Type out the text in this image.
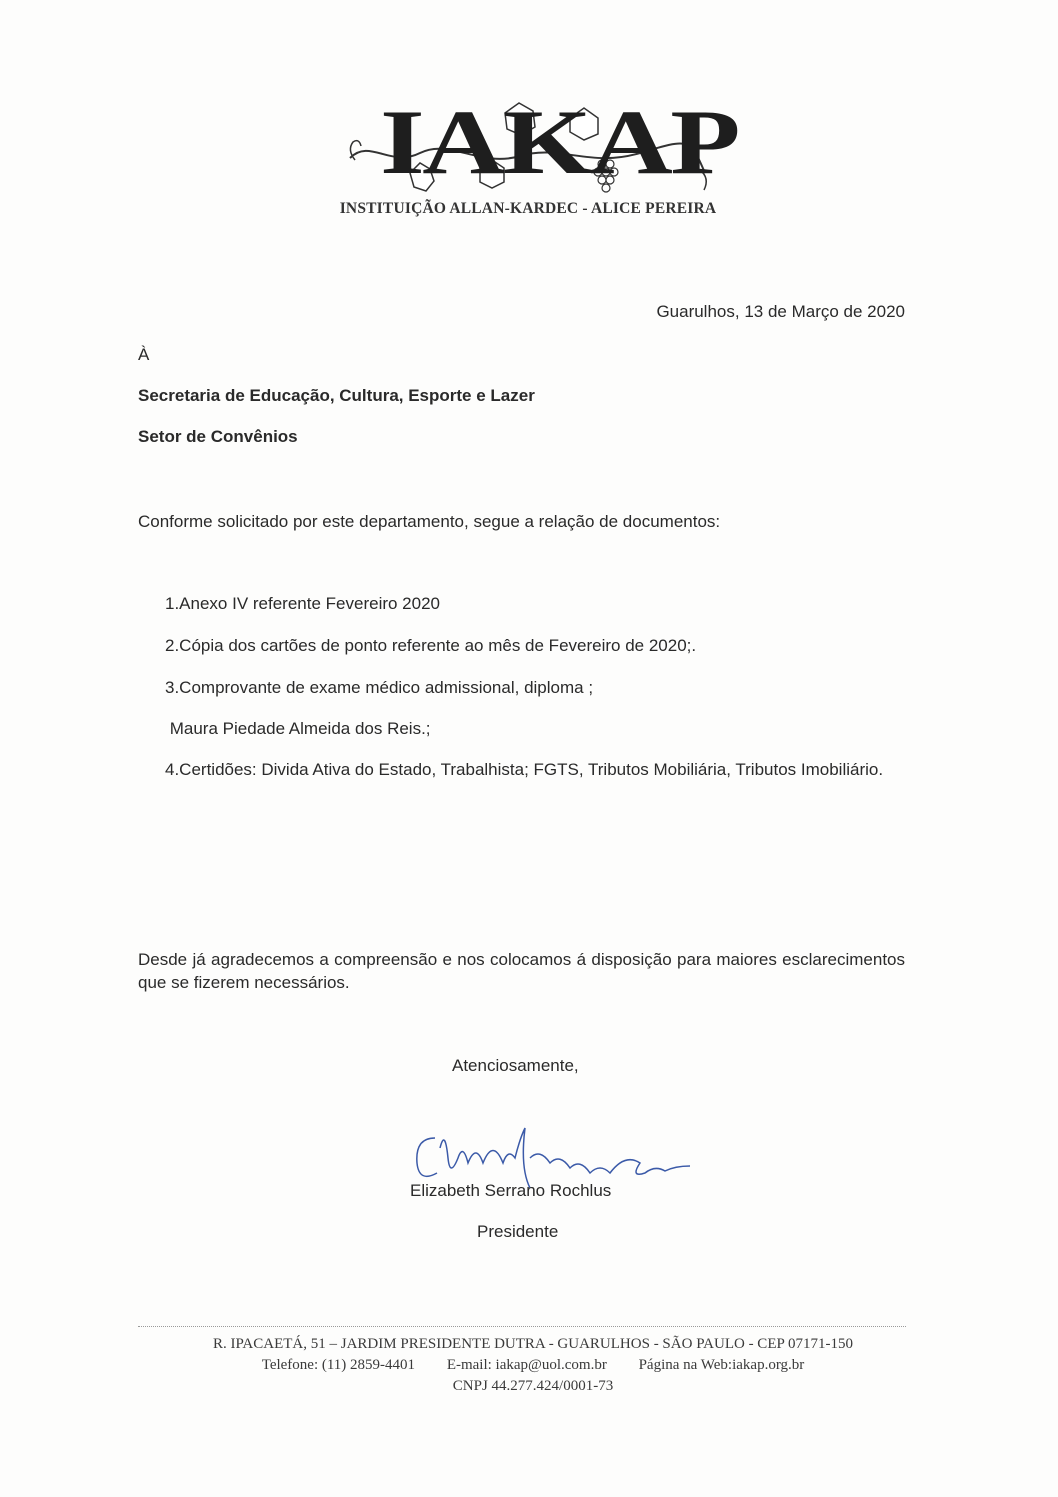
IAKAP
INSTITUIÇÃO ALLAN-KARDEC - ALICE PEREIRA
Guarulhos, 13 de Março de 2020
À
Secretaria de Educação, Cultura, Esporte e Lazer
Setor de Convênios
Conforme solicitado por este departamento, segue a relação de documentos:
1.Anexo IV referente Fevereiro 2020
2.Cópia dos cartões de ponto referente ao mês de Fevereiro de 2020;.
3.Comprovante de exame médico admissional, diploma ;
Maura Piedade Almeida dos Reis.;
4.Certidões: Divida Ativa do Estado, Trabalhista; FGTS, Tributos Mobiliária, Tributos Imobiliário.
Desde já agradecemos a compreensão e nos colocamos á disposição para maiores esclarecimentos que se fizerem necessários.
Atenciosamente,
Elizabeth Serrano Rochlus
Presidente
R. IPACAETÁ, 51 – JARDIM PRESIDENTE DUTRA - GUARULHOS - SÃO PAULO - CEP 07171-150
Telefone: (11) 2859-4401 E-mail: iakap@uol.com.br Página na Web:iakap.org.br
CNPJ 44.277.424/0001-73
